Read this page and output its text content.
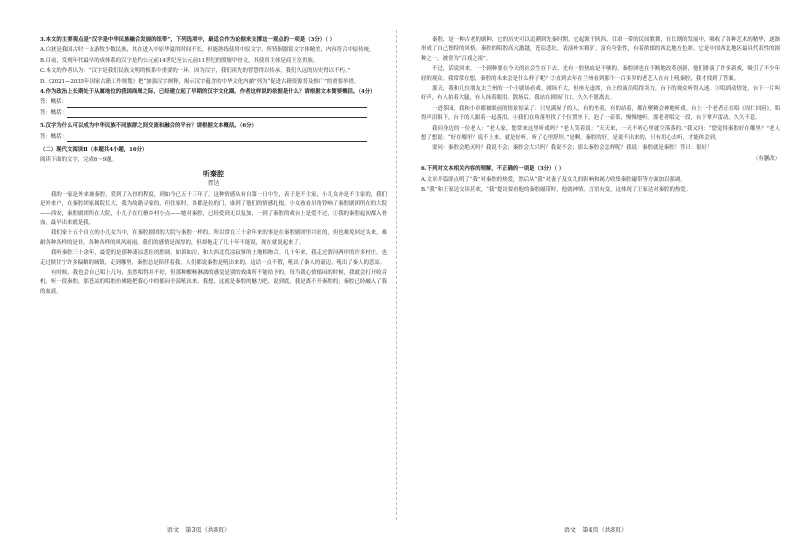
3.本文的主要观点是“汉字是中华民族融合发展的纽带”，下列选项中，最适合作为论据来支撑这一观点的一项是（3分）（ ）

A.白狄是我国古时一支游牧少数民族，其在进入中原华夏的时间不长，但能熟练使用中原文字，所铸铜器铭文字体精美，内容符合中原传统。

B.目前，发现年代最早的成体系的汉字是约公元前14世纪至公元前11世纪的殷墟甲骨文，其使用主体是商王室贵族。

C.本文的作者认为：“汉字是我们民族文明的根系中重要的一环。因为汉字，我们祖先的智慧得以传承，我们久远的历史得以不朽。”

D.《2021—2035年国家古籍工作规划》把“加强汉字阐释，揭示汉字蕴含的中华文化内涵”列为“促进古籍资源普及推广”的重要举措。

4.作为政治上长期处于从属地位的我国商周之际，已经建立起了早期的汉字文化圈。作者这样说的依据是什么？请根据文本简要概括。（4分）

答：概括：

答：概括：

5.汉字为什么可以成为中华民族不同族群之间交流和融合的平台？请根据文本概括。（6分）

答：概括：

（二）现代文阅读Ⅱ（本题共4小题，16分）

阅读下面的文字，完成6～9题。

听秦腔

胥达

我的一家是外来兼秦腔，爱到了入骨的程度，到如今已五十三年了，这种情感从有自第一日中生，表子是不主家，小儿女亦是不主家的，我们是外来户，在秦腔团家属院长大，我为故籍寻家的，但住家时，各都是拉的门，谁到了他们的情感扎根，小女孩看吊角铃响了秦腔剧团所在的大院——西安，秦腔剧团所在大院，小儿子在红檀乡村小点——她对秦腔，已经爱到无以复加，一到了秦腔的戏台上是爱不过，①我的秦腔起初都入骨血，最早出来就是我。

我们家十五个自立的小儿女当中，在秦腔剧团的大院与秦腔一样的，所以常在三十余年来的事是在秦腔剧团里兴旺的，但也难免回过头来，难耐各种各样的是非，各种各样的风风雨雨，我们的感情是深厚的，但却拖走了几十年不能说，现在就说起来了。

我听秦腔三十余年，最爱的是那种凄凉悲壮的腔调，如诉如泣，和大西北荒凉寂寥的土地相吻合。几十年来，我走过渭河两岸的许多村庄，也走过陕甘宁许多偏僻的城镇，走到哪里，秦腔总是陪伴着我。人们都说秦腔是吼出来的，这话一点不假，吼出了秦人的豪迈，吼出了秦人的悲凉。

有时候，我也会自己唱上几句，虽然唱得并不好，但那种酣畅淋漓的感觉是别的戏曲所不能给予的。每当我心情郁闷的时候，我就会打开收音机，听一段秦腔，那苍凉的唱腔仿佛能把我心中的郁闷全部吼出来。我想，这就是秦腔的魅力吧。说到底，我是离不开秦腔的，秦腔已经融入了我的血液。

语文　第3页（共8页）

秦腔，是一种古老的剧种，它的历史可以追溯到先秦时期。它起源于陕西、甘肃一带的民间歌舞，在长期的发展中，吸收了各种艺术的精华，逐渐形成了自己独特的风格。秦腔的唱腔高亢激越，苍凉悲壮，表演朴实粗犷，富有夸张性，有着浓郁的西北地方色彩。它是中国西北地区最具代表性的剧种之一，被誉为“百戏之祖”。

不过，话说回来，一个剧种要在今天的社会生存下去，光有一腔热血是不够的。秦腔团也在不断地改革创新，他们排演了许多新戏，吸引了不少年轻的观众。我常常在想，秦腔的未来会是什么样子呢？②直到去年在兰州看到那个一百多岁的老艺人在台上吼秦腔，我才找到了答案。

那天，我和几位朋友去兰州的一个小剧场看戏。剧场不大，但座无虚席，台上的演员唱得卖力，台下的观众听得入迷。③唱到动情处，台下一片叫好声，有人拍着大腿，有人抹着眼泪。散场后，我站在剧场门口，久久不愿离去。

一进茶园，我和小章都被眼前的情景惊呆了：只见满屋子的人，有的坐着，有的站着，都在聚精会神地听戏。台上一个老者正在唱《周仁回府》，唱得声泪俱下，台下的人跟着一起落泪。④我们在角落里找了个位置坐下，泡了一壶茶，慢慢地听。那老者唱完一段，台下掌声雷动，久久不息。

我问身边的一位老人：“老人家，您常来这里听戏吗？”老人笑着说：“天天来，一天不听心里就空落落的。”我又问：“您觉得秦腔好在哪里？”老人想了想说：“好在哪里？说不上来，就是好听，听了心里舒坦。”是啊，秦腔的好，是说不出来的，只有用心去听，才能体会到。

要问：秦腔会绝灭吗？我说不会；秦腔会大兴吗？我说不会；那么秦腔会怎样呢？我说：秦腔就是秦腔！答曰：很好！

（有删改）

6.下列对文本相关内容的理解，不正确的一项是（3分）（ ）

A.文章开篇即点明了“我”对秦腔的热爱，然后从“我”对妻子及女儿的影响和竭力收集秦腔磁带等方面加以强调。

B.“我”和王家达交谈甚欢，“我”提出要看他的秦腔磁带时，他就神情、言语有变，这体现了王家达对秦腔的热爱。

语文　第4页（共8页）
